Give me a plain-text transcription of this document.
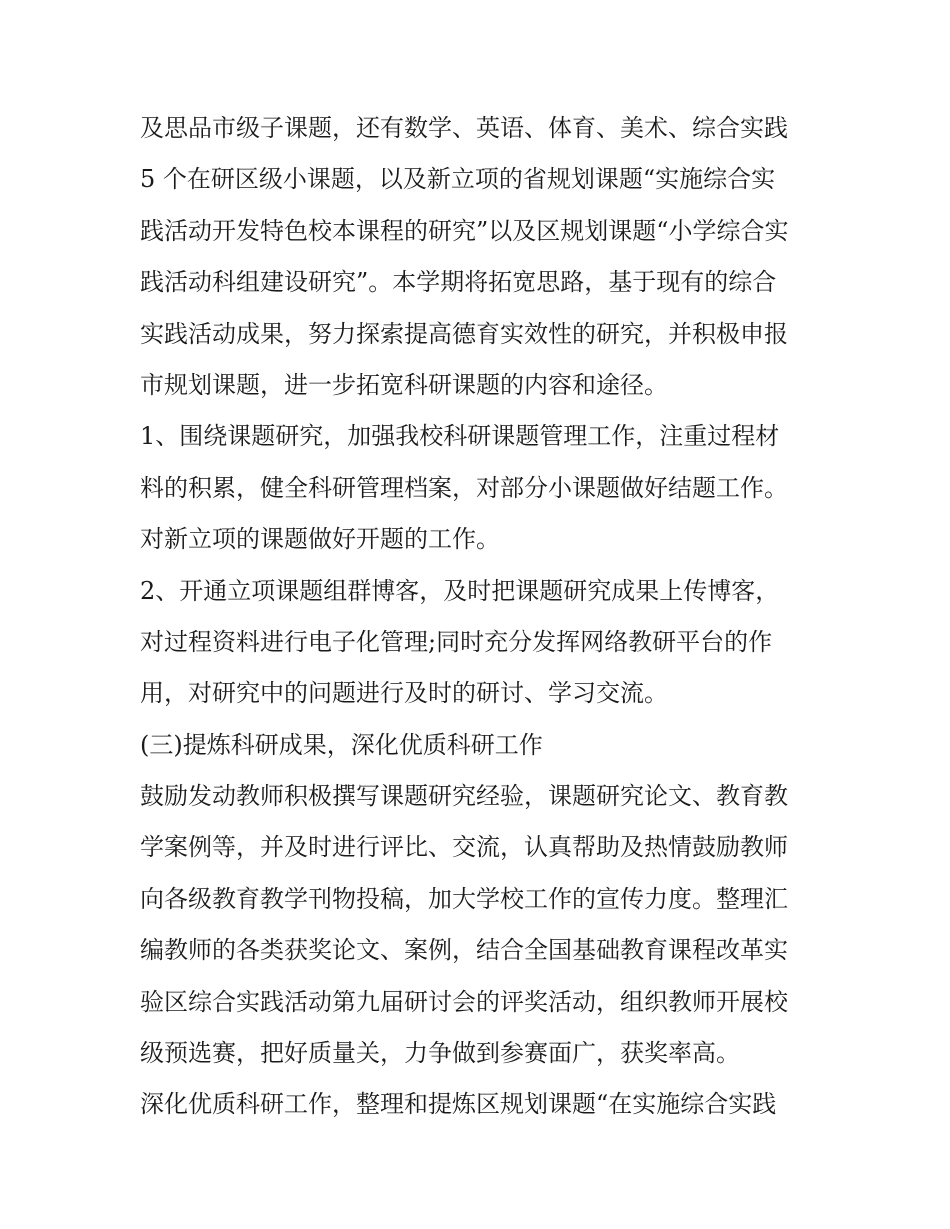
及思品市级子课题，还有数学、英语、体育、美术、综合实践
5 个在研区级小课题，以及新立项的省规划课题“实施综合实
践活动开发特色校本课程的研究”以及区规划课题“小学综合实
践活动科组建设研究”。本学期将拓宽思路，基于现有的综合
实践活动成果，努力探索提高德育实效性的研究，并积极申报
市规划课题，进一步拓宽科研课题的内容和途径。
1、围绕课题研究，加强我校科研课题管理工作，注重过程材
料的积累，健全科研管理档案，对部分小课题做好结题工作。
对新立项的课题做好开题的工作。
2、开通立项课题组群博客，及时把课题研究成果上传博客，
对过程资料进行电子化管理;同时充分发挥网络教研平台的作
用，对研究中的问题进行及时的研讨、学习交流。
(三)提炼科研成果，深化优质科研工作
鼓励发动教师积极撰写课题研究经验，课题研究论文、教育教
学案例等，并及时进行评比、交流，认真帮助及热情鼓励教师
向各级教育教学刊物投稿，加大学校工作的宣传力度。整理汇
编教师的各类获奖论文、案例，结合全国基础教育课程改革实
验区综合实践活动第九届研讨会的评奖活动，组织教师开展校
级预选赛，把好质量关，力争做到参赛面广，获奖率高。
深化优质科研工作，整理和提炼区规划课题“在实施综合实践
